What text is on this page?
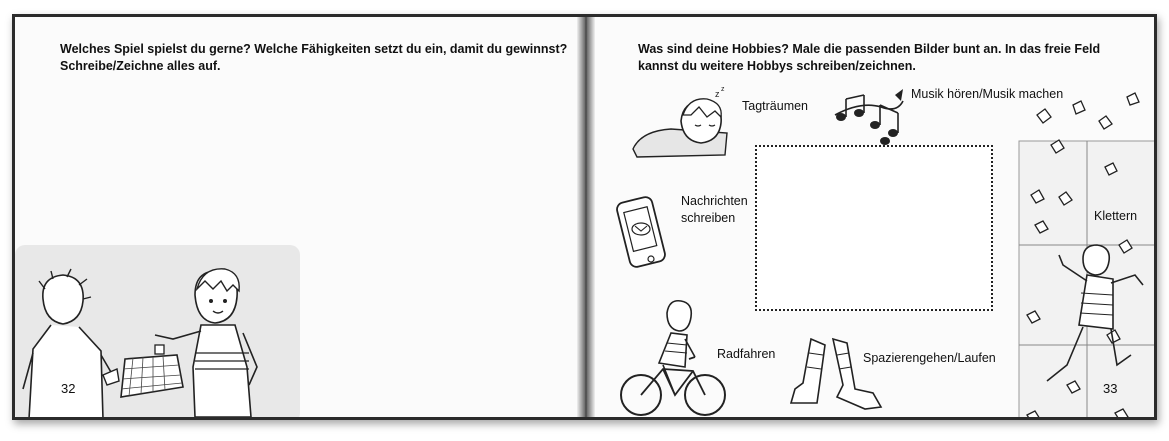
Welches Spiel spielst du gerne? Welche Fähigkeiten setzt du ein, damit du gewinnst?
Schreibe/Zeichne alles auf.
32
Was sind deine Hobbies? Male die passenden Bilder bunt an. In das freie Feld
kannst du weitere Hobbys schreiben/zeichnen.
z z
Tagträumen
Musik hören/Musik machen
Nachrichten
schreiben	Klettern
Radfahren	Spazierengehen/Laufen
33
